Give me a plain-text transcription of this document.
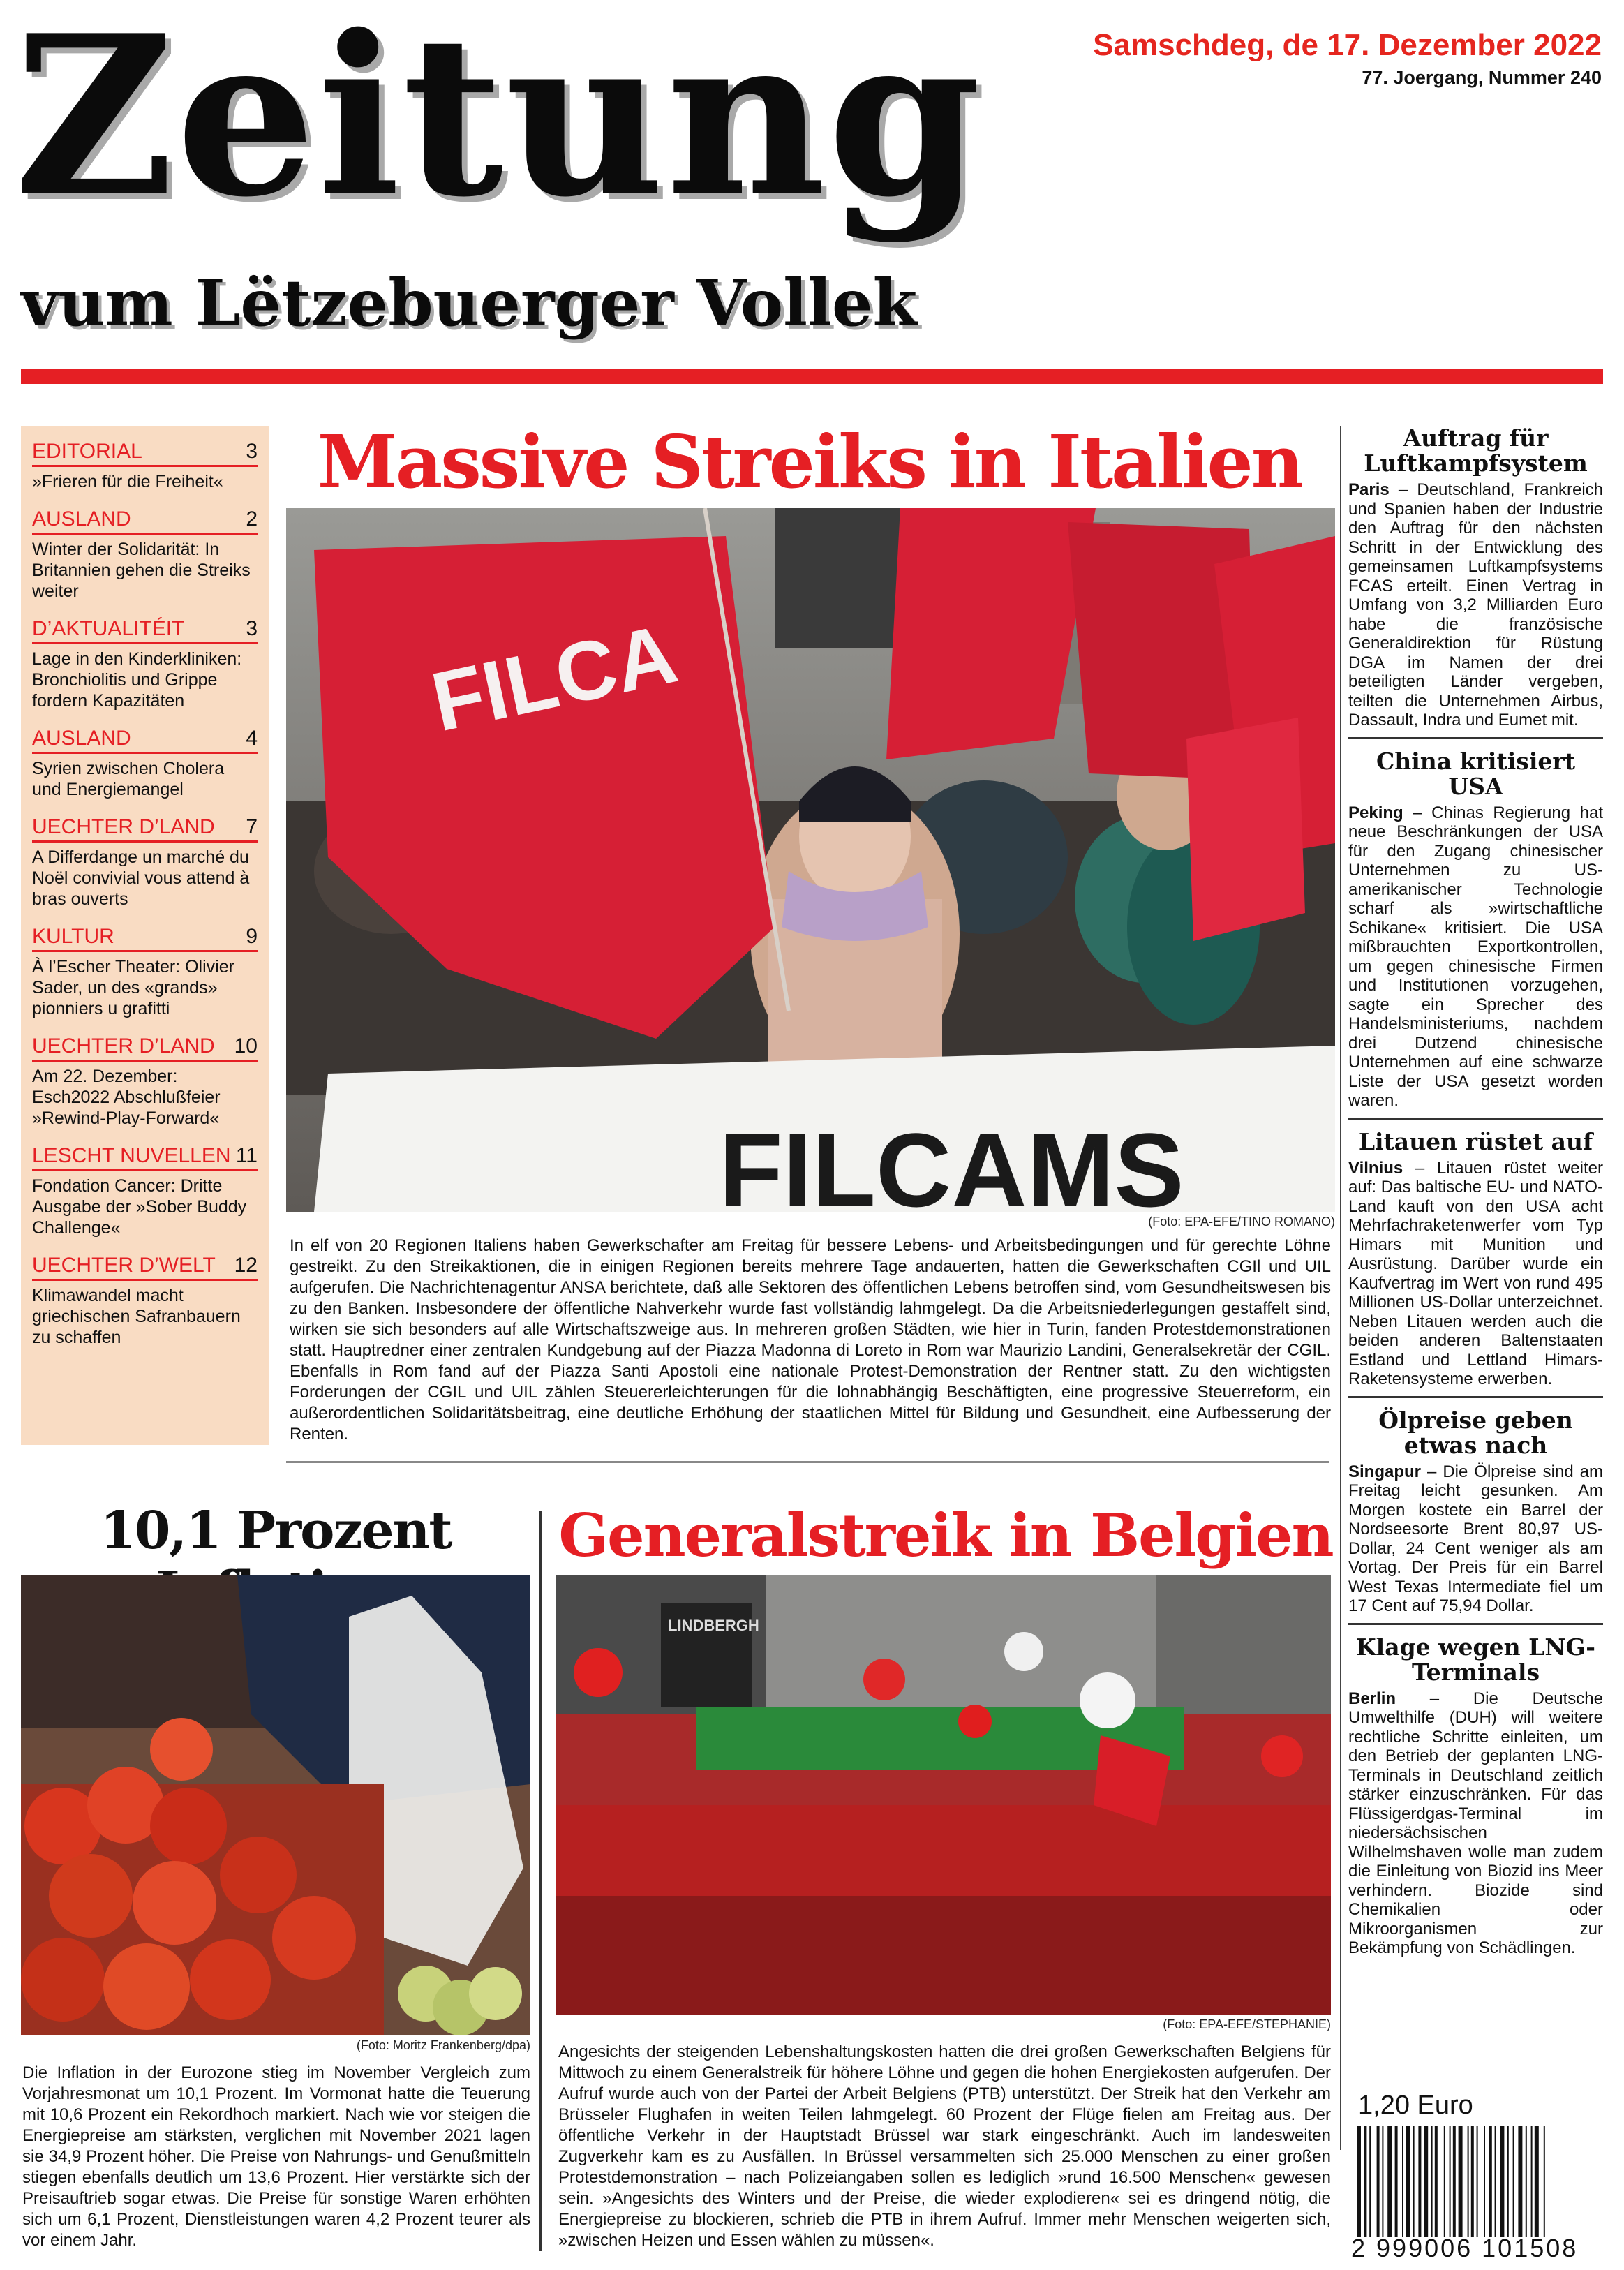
Zeitung
vum Lëtzebuerger Vollek
Samschdeg, de 17. Dezember 2022
77. Joergang, Nummer 240
EDITORIAL	3
»Frieren für die Freiheit«
AUSLAND	2
Winter der Solidarität: In Britannien gehen die Streiks weiter
D’AKTUALITÉIT	3
Lage in den Kinderkliniken: Bronchiolitis und Grippe fordern Kapazitäten
AUSLAND	4
Syrien zwischen Cholera und Energiemangel
UECHTER D’LAND 7
A Differdange un marché du Noël convivial vous attend à bras ouverts
KULTUR	9
À l’Escher Theater: Olivier Sader, un des «grands» pionniers u grafitti
UECHTER D’LAND 10
Am 22. Dezember: Esch2022 Abschlußfeier »Rewind-Play-Forward«
LESCHT NUVELLEN 11
Fondation Cancer: Dritte Ausgabe der »Sober Buddy Challenge«
UECHTER D’WELT 12
Klimawandel macht griechischen Safranbauern zu schaffen
Massive Streiks in Italien
FILCA
FILCAMS
(Foto: EPA-EFE/TINO ROMANO)
In elf von 20 Regionen Italiens haben Gewerkschafter am Freitag für bessere Lebens- und Arbeitsbedingungen und für gerechte Löhne gestreikt. Zu den Streikaktionen, die in einigen Regionen bereits mehrere Tage andauerten, hatten die Gewerkschaften CGIl und UIL aufgerufen. Die Nachrichtenagentur ANSA berichtete, daß alle Sektoren des öffentlichen Lebens betroffen sind, vom Gesundheitswesen bis zu den Banken. Insbesondere der öffentliche Nahverkehr wurde fast vollständig lahmgelegt. Da die Arbeitsniederlegungen gestaffelt sind, wirken sie sich besonders auf alle Wirtschaftszweige aus. In mehreren großen Städten, wie hier in Turin, fanden Protestdemonstrationen statt. Hauptredner einer zentralen Kundgebung auf der Piazza Madonna di Loreto in Rom war Maurizio Landini, Generalsekretär der CGIL. Ebenfalls in Rom fand auf der Piazza Santi Apostoli eine nationale Protest-Demonstration der Rentner statt. Zu den wichtigsten Forderungen der CGIL und UIL zählen Steuererleichterungen für die lohnabhängig Beschäftigten, eine progressive Steuerreform, ein außerordentlichen Solidaritätsbeitrag, eine deutliche Erhöhung der staatlichen Mittel für Bildung und Gesundheit, eine Aufbesserung der Renten.
Auftrag für Luftkampfsystem
Paris – Deutschland, Frankreich und Spanien haben der Industrie den Auftrag für den nächsten Schritt in der Entwicklung des gemeinsamen Luftkampfsystems FCAS erteilt. Einen Vertrag in Umfang von 3,2 Milliarden Euro habe die französische Generaldirektion für Rüstung DGA im Namen der drei beteiligten Länder vergeben, teilten die Unternehmen Airbus, Dassault, Indra und Eumet mit.
China kritisiert USA
Peking – Chinas Regierung hat neue Beschränkungen der USA für den Zugang chinesischer Unternehmen zu US-amerikanischer Technologie scharf als »wirtschaftliche Schikane« kritisiert. Die USA mißbrauchten Exportkontrollen, um gegen chinesische Firmen und Institutionen vorzugehen, sagte ein Sprecher des Handelsministeriums, nachdem drei Dutzend chinesische Unternehmen auf eine schwarze Liste der USA gesetzt worden waren.
Litauen rüstet auf
Vilnius – Litauen rüstet weiter auf: Das baltische EU- und NATO-Land kauft von den USA acht Mehrfachraketenwerfer vom Typ Himars mit Munition und Ausrüstung. Darüber wurde ein Kaufvertrag im Wert von rund 495 Millionen US-Dollar unterzeichnet. Neben Litauen werden auch die beiden anderen Baltenstaaten Estland und Lettland Himars-Raketensysteme erwerben.
Ölpreise geben etwas nach
Singapur – Die Ölpreise sind am Freitag leicht gesunken. Am Morgen kostete ein Barrel der Nordseesorte Brent 80,97 US-Dollar, 24 Cent weniger als am Vortag. Der Preis für ein Barrel West Texas Intermediate fiel um 17 Cent auf 75,94 Dollar.
Klage wegen LNG-Terminals
Berlin – Die Deutsche Umwelthilfe (DUH) will weitere rechtliche Schritte einleiten, um den Betrieb der geplanten LNG-Terminals in Deutschland zeitlich stärker einzuschränken. Für das Flüssigerdgas-Terminal im niedersächsischen Wilhelmshaven wolle man zudem die Einleitung von Biozid ins Meer verhindern. Biozide sind Chemikalien oder Mikroorganismen zur Bekämpfung von Schädlingen.
10,1 Prozent
(Foto: Moritz Frankenberg/dpa)
Die Inflation in der Eurozone stieg im November Vergleich zum Vorjahresmonat um 10,1 Prozent. Im Vormonat hatte die Teuerung mit 10,6 Prozent ein Rekordhoch markiert. Nach wie vor steigen die Energiepreise am stärksten, verglichen mit November 2021 lagen sie 34,9 Prozent höher. Die Preise von Nahrungs- und Genußmitteln stiegen ebenfalls deutlich um 13,6 Prozent. Hier verstärkte sich der Preisauftrieb sogar etwas. Die Preise für sonstige Waren erhöhten sich um 6,1 Prozent, Dienstleistungen waren 4,2 Prozent teurer als vor einem Jahr.
Generalstreik in Belgien
LINDBERGH
(Foto: EPA-EFE/STEPHANIE)
Angesichts der steigenden Lebenshaltungskosten hatten die drei großen Gewerkschaften Belgiens für Mittwoch zu einem Generalstreik für höhere Löhne und gegen die hohen Energiekosten aufgerufen. Der Aufruf wurde auch von der Partei der Arbeit Belgiens (PTB) unterstützt. Der Streik hat den Verkehr am Brüsseler Flughafen in weiten Teilen lahmgelegt. 60 Prozent der Flüge fielen am Freitag aus. Der öffentliche Verkehr in der Hauptstadt Brüssel war stark eingeschränkt. Auch im landesweiten Zugverkehr kam es zu Ausfällen. In Brüssel versammelten sich 25.000 Menschen zu einer großen Protestdemonstration – nach Polizeiangaben sollen es lediglich »rund 16.500 Menschen« gewesen sein. »Angesichts des Winters und der Preise, die wieder explodieren« sei es dringend nötig, die Energiepreise zu blockieren, schrieb die PTB in ihrem Aufruf. Immer mehr Menschen weigerten sich, »zwischen Heizen und Essen wählen zu müssen«.
1,20 Euro
2 999006 101508
